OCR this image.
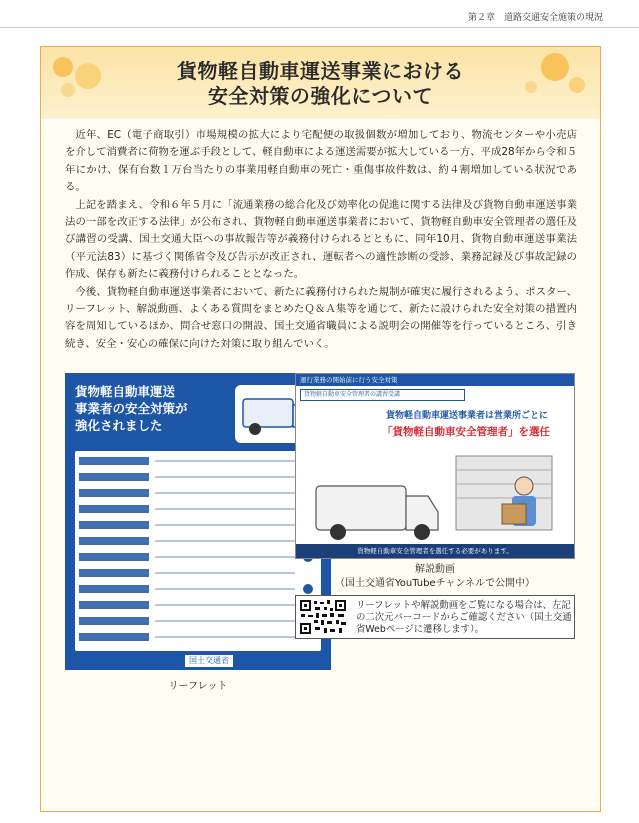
第２章　道路交通安全施策の現況
貨物軽自動車運送事業における
安全対策の強化について

近年、EC（電子商取引）市場規模の拡大により宅配便の取扱個数が増加しており、物流センターや小売店を介して消費者に荷物を運ぶ手段として、軽自動車による運送需要が拡大している一方、平成28年から令和５年にかけ、保有台数１万台当たりの事業用軽自動車の死亡・重傷事故件数は、約４割増加している状況である。

上記を踏まえ、令和６年５月に「流通業務の総合化及び効率化の促進に関する法律及び貨物自動車運送事業法の一部を改正する法律」が公布され、貨物軽自動車運送事業者において、貨物軽自動車安全管理者の選任及び講習の受講、国土交通大臣への事故報告等が義務付けられるとともに、同年10月、貨物自動車運送事業法（平元法83）に基づく関係省令及び告示が改正され、運転者への適性診断の受診、業務記録及び事故記録の作成、保存も新たに義務付けられることとなった。

今後、貨物軽自動車運送事業者において、新たに義務付けられた規制が確実に履行されるよう、ポスター、リーフレット、解説動画、よくある質問をまとめたＱ＆Ａ集等を通じて、新たに設けられた安全対策の措置内容を周知しているほか、問合せ窓口の開設、国土交通省職員による説明会の開催等を行っているところ、引き続き、安全・安心の確保に向けた対策に取り組んでいく。

貨物軽自動車運送
事業者の安全対策が
強化されました
国土交通省
リーフレット
運行業務の開始前に行う安全対策
貨物軽自動車安全管理者の講習受講
貨物軽自動車運送事業者は営業所ごとに
「貨物軽自動車安全管理者」を選任
貨物軽自動車安全管理者を選任する必要があります。
解説動画
（国土交通省YouTubeチャンネルで公開中）
リーフレットや解説動画をご覧になる場合は、左記
の二次元バーコードからご確認ください（国土交通
省Webページに遷移します）。
